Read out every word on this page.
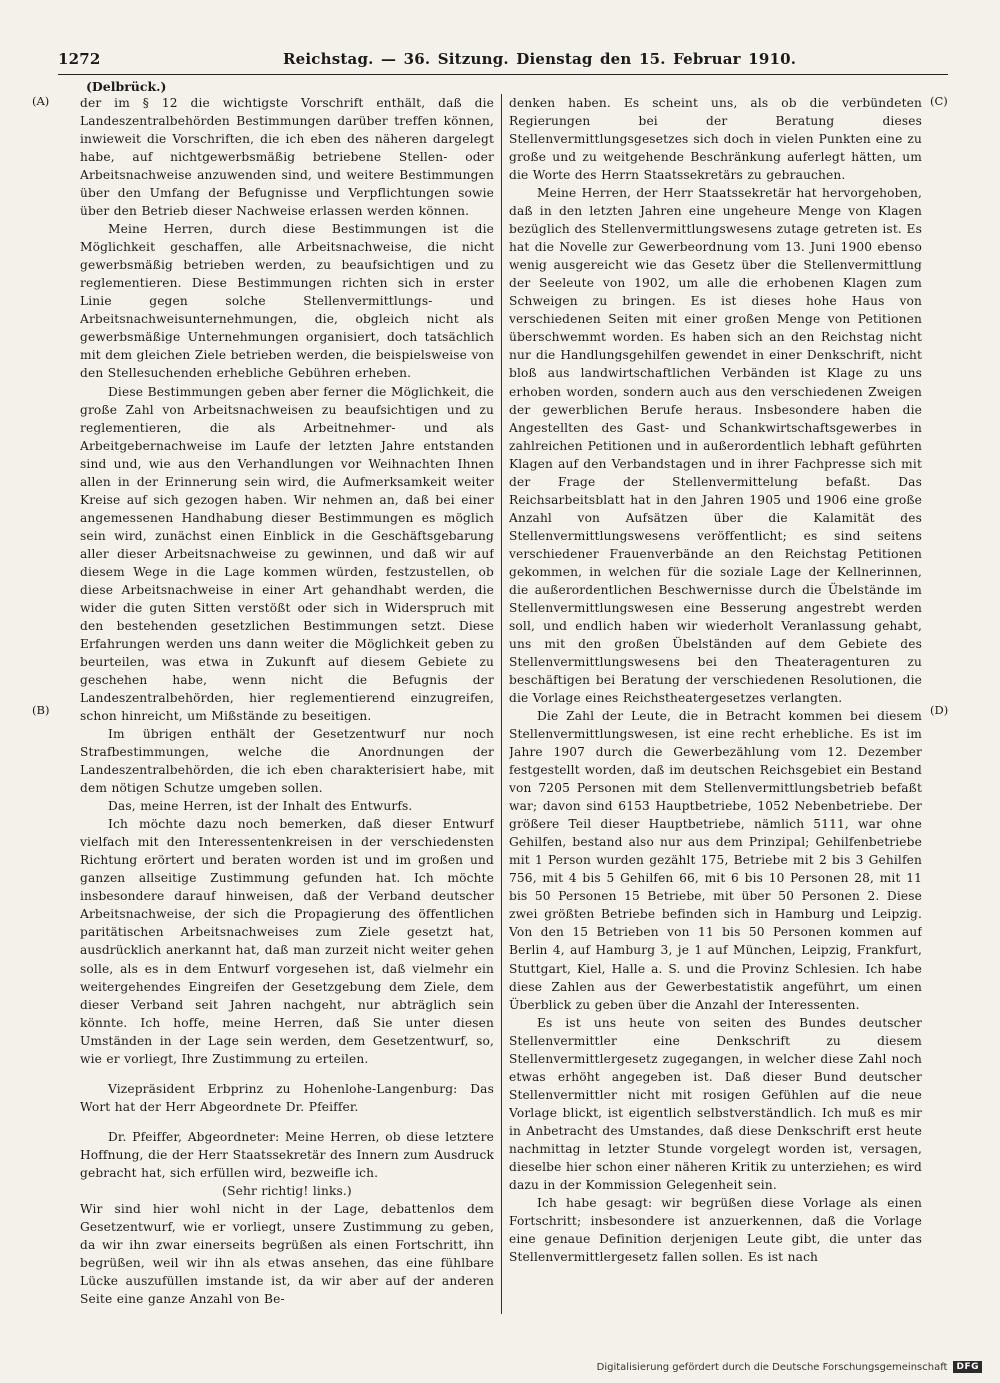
1272	Reichstag. — 36. Sitzung. Dienstag den 15. Februar 1910.
(Delbrück.)
(A)
(B)
(C)
(D)

der im § 12 die wichtigste Vorschrift enthält, daß die Landeszentralbehörden Bestimmungen darüber treffen können, inwieweit die Vorschriften, die ich eben des näheren dargelegt habe, auf nichtgewerbsmäßig betriebene Stellen- oder Arbeitsnachweise anzuwenden sind, und weitere Bestimmungen über den Umfang der Befugnisse und Verpflichtungen sowie über den Betrieb dieser Nachweise erlassen werden können.

Meine Herren, durch diese Bestimmungen ist die Möglichkeit geschaffen, alle Arbeitsnachweise, die nicht gewerbsmäßig betrieben werden, zu beaufsichtigen und zu reglementieren. Diese Bestimmungen richten sich in erster Linie gegen solche Stellenvermittlungs- und Arbeitsnachweisunternehmungen, die, obgleich nicht als gewerbsmäßige Unternehmungen organisiert, doch tatsächlich mit dem gleichen Ziele betrieben werden, die beispielsweise von den Stellesuchenden erhebliche Gebühren erheben.

Diese Bestimmungen geben aber ferner die Möglichkeit, die große Zahl von Arbeitsnachweisen zu beaufsichtigen und zu reglementieren, die als Arbeitnehmer- und als Arbeitgebernachweise im Laufe der letzten Jahre entstanden sind und, wie aus den Verhandlungen vor Weihnachten Ihnen allen in der Erinnerung sein wird, die Aufmerksamkeit weiter Kreise auf sich gezogen haben. Wir nehmen an, daß bei einer angemessenen Handhabung dieser Bestimmungen es möglich sein wird, zunächst einen Einblick in die Geschäftsgebarung aller dieser Arbeitsnachweise zu gewinnen, und daß wir auf diesem Wege in die Lage kommen würden, festzustellen, ob diese Arbeitsnachweise in einer Art gehandhabt werden, die wider die guten Sitten verstößt oder sich in Widerspruch mit den bestehenden gesetzlichen Bestimmungen setzt. Diese Erfahrungen werden uns dann weiter die Möglichkeit geben zu beurteilen, was etwa in Zukunft auf diesem Gebiete zu geschehen habe, wenn nicht die Befugnis der Landeszentralbehörden, hier reglementierend einzugreifen, schon hinreicht, um Mißstände zu beseitigen.

Im übrigen enthält der Gesetzentwurf nur noch Strafbestimmungen, welche die Anordnungen der Landeszentralbehörden, die ich eben charakterisiert habe, mit dem nötigen Schutze umgeben sollen.

Das, meine Herren, ist der Inhalt des Entwurfs.

Ich möchte dazu noch bemerken, daß dieser Entwurf vielfach mit den Interessentenkreisen in der verschiedensten Richtung erörtert und beraten worden ist und im großen und ganzen allseitige Zustimmung gefunden hat. Ich möchte insbesondere darauf hinweisen, daß der Verband deutscher Arbeitsnachweise, der sich die Propagierung des öffentlichen paritätischen Arbeitsnachweises zum Ziele gesetzt hat, ausdrücklich anerkannt hat, daß man zurzeit nicht weiter gehen solle, als es in dem Entwurf vorgesehen ist, daß vielmehr ein weitergehendes Eingreifen der Gesetzgebung dem Ziele, dem dieser Verband seit Jahren nachgeht, nur abträglich sein könnte. Ich hoffe, meine Herren, daß Sie unter diesen Umständen in der Lage sein werden, dem Gesetzentwurf, so, wie er vorliegt, Ihre Zustimmung zu erteilen.

Vizepräsident Erbprinz zu Hohenlohe-Langenburg: Das Wort hat der Herr Abgeordnete Dr. Pfeiffer.

Dr. Pfeiffer, Abgeordneter: Meine Herren, ob diese letztere Hoffnung, die der Herr Staatssekretär des Innern zum Ausdruck gebracht hat, sich erfüllen wird, bezweifle ich.

(Sehr richtig! links.)

Wir sind hier wohl nicht in der Lage, debattenlos dem Gesetzentwurf, wie er vorliegt, unsere Zustimmung zu geben, da wir ihn zwar einerseits begrüßen als einen Fortschritt, ihn begrüßen, weil wir ihn als etwas ansehen, das eine fühlbare Lücke auszufüllen imstande ist, da wir aber auf der anderen Seite eine ganze Anzahl von Be-

denken haben. Es scheint uns, als ob die verbündeten Regierungen bei der Beratung dieses Stellenvermittlungsgesetzes sich doch in vielen Punkten eine zu große und zu weitgehende Beschränkung auferlegt hätten, um die Worte des Herrn Staatssekretärs zu gebrauchen.

Meine Herren, der Herr Staatssekretär hat hervorgehoben, daß in den letzten Jahren eine ungeheure Menge von Klagen bezüglich des Stellenvermittlungswesens zutage getreten ist. Es hat die Novelle zur Gewerbeordnung vom 13. Juni 1900 ebenso wenig ausgereicht wie das Gesetz über die Stellenvermittlung der Seeleute von 1902, um alle die erhobenen Klagen zum Schweigen zu bringen. Es ist dieses hohe Haus von verschiedenen Seiten mit einer großen Menge von Petitionen überschwemmt worden. Es haben sich an den Reichstag nicht nur die Handlungsgehilfen gewendet in einer Denkschrift, nicht bloß aus landwirtschaftlichen Verbänden ist Klage zu uns erhoben worden, sondern auch aus den verschiedenen Zweigen der gewerblichen Berufe heraus. Insbesondere haben die Angestellten des Gast- und Schankwirtschaftsgewerbes in zahlreichen Petitionen und in außerordentlich lebhaft geführten Klagen auf den Verbandstagen und in ihrer Fachpresse sich mit der Frage der Stellenvermittelung befaßt. Das Reichsarbeitsblatt hat in den Jahren 1905 und 1906 eine große Anzahl von Aufsätzen über die Kalamität des Stellenvermittlungswesens veröffentlicht; es sind seitens verschiedener Frauenverbände an den Reichstag Petitionen gekommen, in welchen für die soziale Lage der Kellnerinnen, die außerordentlichen Beschwernisse durch die Übelstände im Stellenvermittlungswesen eine Besserung angestrebt werden soll, und endlich haben wir wiederholt Veranlassung gehabt, uns mit den großen Übelständen auf dem Gebiete des Stellenvermittlungswesens bei den Theateragenturen zu beschäftigen bei Beratung der verschiedenen Resolutionen, die die Vorlage eines Reichstheatergesetzes verlangten.

Die Zahl der Leute, die in Betracht kommen bei diesem Stellenvermittlungswesen, ist eine recht erhebliche. Es ist im Jahre 1907 durch die Gewerbezählung vom 12. Dezember festgestellt worden, daß im deutschen Reichsgebiet ein Bestand von 7205 Personen mit dem Stellenvermittlungsbetrieb befaßt war; davon sind 6153 Hauptbetriebe, 1052 Nebenbetriebe. Der größere Teil dieser Hauptbetriebe, nämlich 5111, war ohne Gehilfen, bestand also nur aus dem Prinzipal; Gehilfenbetriebe mit 1 Person wurden gezählt 175, Betriebe mit 2 bis 3 Gehilfen 756, mit 4 bis 5 Gehilfen 66, mit 6 bis 10 Personen 28, mit 11 bis 50 Personen 15 Betriebe, mit über 50 Personen 2. Diese zwei größten Betriebe befinden sich in Hamburg und Leipzig. Von den 15 Betrieben von 11 bis 50 Personen kommen auf Berlin 4, auf Hamburg 3, je 1 auf München, Leipzig, Frankfurt, Stuttgart, Kiel, Halle a. S. und die Provinz Schlesien. Ich habe diese Zahlen aus der Gewerbestatistik angeführt, um einen Überblick zu geben über die Anzahl der Interessenten.

Es ist uns heute von seiten des Bundes deutscher Stellenvermittler eine Denkschrift zu diesem Stellenvermittlergesetz zugegangen, in welcher diese Zahl noch etwas erhöht angegeben ist. Daß dieser Bund deutscher Stellenvermittler nicht mit rosigen Gefühlen auf die neue Vorlage blickt, ist eigentlich selbstverständlich. Ich muß es mir in Anbetracht des Umstandes, daß diese Denkschrift erst heute nachmittag in letzter Stunde vorgelegt worden ist, versagen, dieselbe hier schon einer näheren Kritik zu unterziehen; es wird dazu in der Kommission Gelegenheit sein.

Ich habe gesagt: wir begrüßen diese Vorlage als einen Fortschritt; insbesondere ist anzuerkennen, daß die Vorlage eine genaue Definition derjenigen Leute gibt, die unter das Stellenvermittlergesetz fallen sollen. Es ist nach

Digitalisierung gefördert durch die Deutsche Forschungsgemeinschaft	DFG
